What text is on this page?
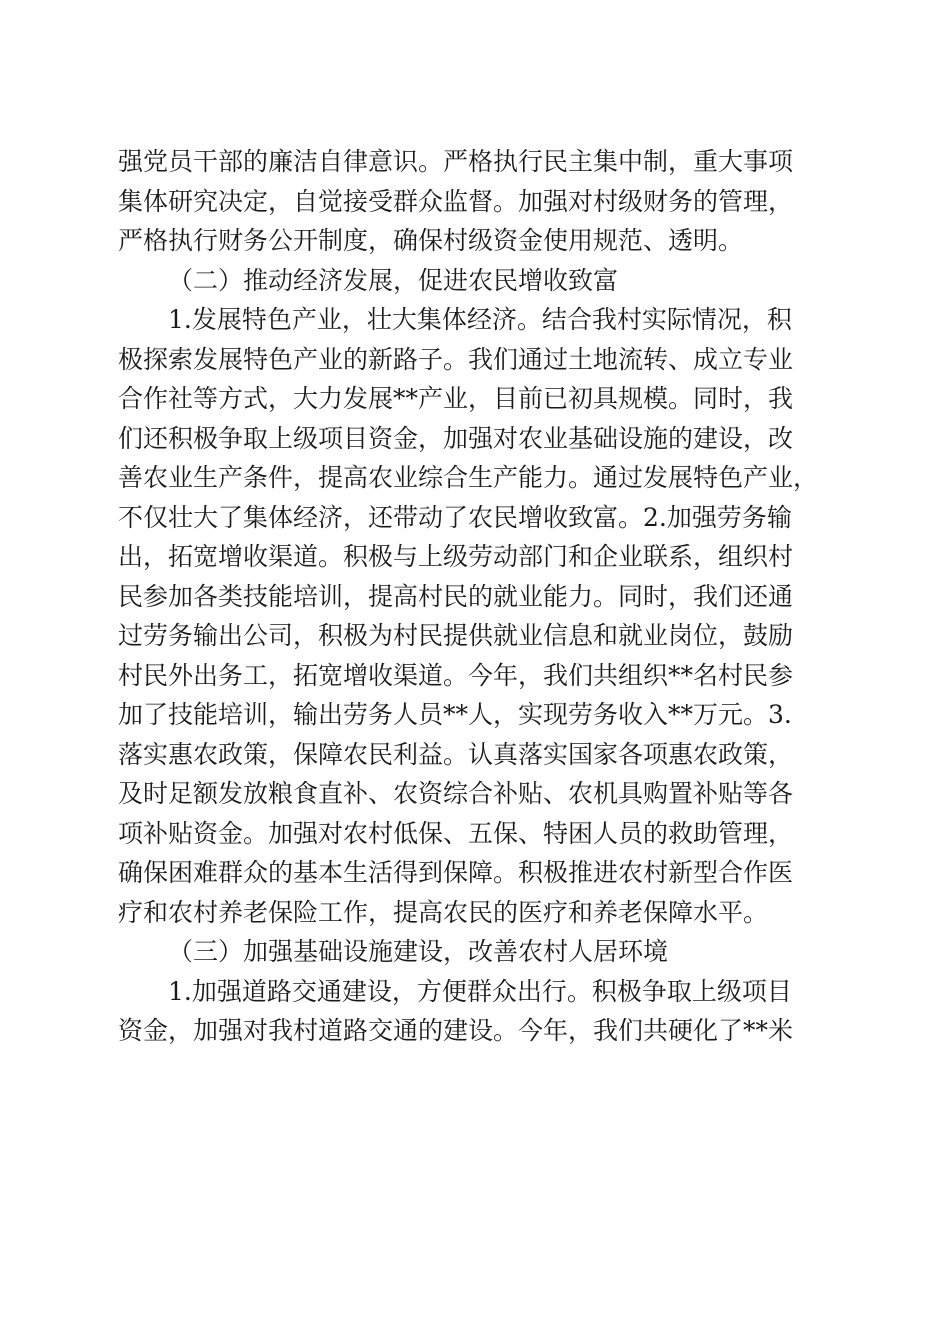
强党员干部的廉洁自律意识。严格执行民主集中制，重大事项
集体研究决定，自觉接受群众监督。加强对村级财务的管理，
严格执行财务公开制度，确保村级资金使用规范、透明。
（二）推动经济发展，促进农民增收致富
1.发展特色产业，壮大集体经济。结合我村实际情况，积
极探索发展特色产业的新路子。我们通过土地流转、成立专业
合作社等方式，大力发展**产业，目前已初具规模。同时，我
们还积极争取上级项目资金，加强对农业基础设施的建设，改
善农业生产条件，提高农业综合生产能力。通过发展特色产业，
不仅壮大了集体经济，还带动了农民增收致富。2.加强劳务输
出，拓宽增收渠道。积极与上级劳动部门和企业联系，组织村
民参加各类技能培训，提高村民的就业能力。同时，我们还通
过劳务输出公司，积极为村民提供就业信息和就业岗位，鼓励
村民外出务工，拓宽增收渠道。今年，我们共组织**名村民参
加了技能培训，输出劳务人员**人，实现劳务收入**万元。3.
落实惠农政策，保障农民利益。认真落实国家各项惠农政策，
及时足额发放粮食直补、农资综合补贴、农机具购置补贴等各
项补贴资金。加强对农村低保、五保、特困人员的救助管理，
确保困难群众的基本生活得到保障。积极推进农村新型合作医
疗和农村养老保险工作，提高农民的医疗和养老保障水平。
（三）加强基础设施建设，改善农村人居环境
1.加强道路交通建设，方便群众出行。积极争取上级项目
资金，加强对我村道路交通的建设。今年，我们共硬化了**米
